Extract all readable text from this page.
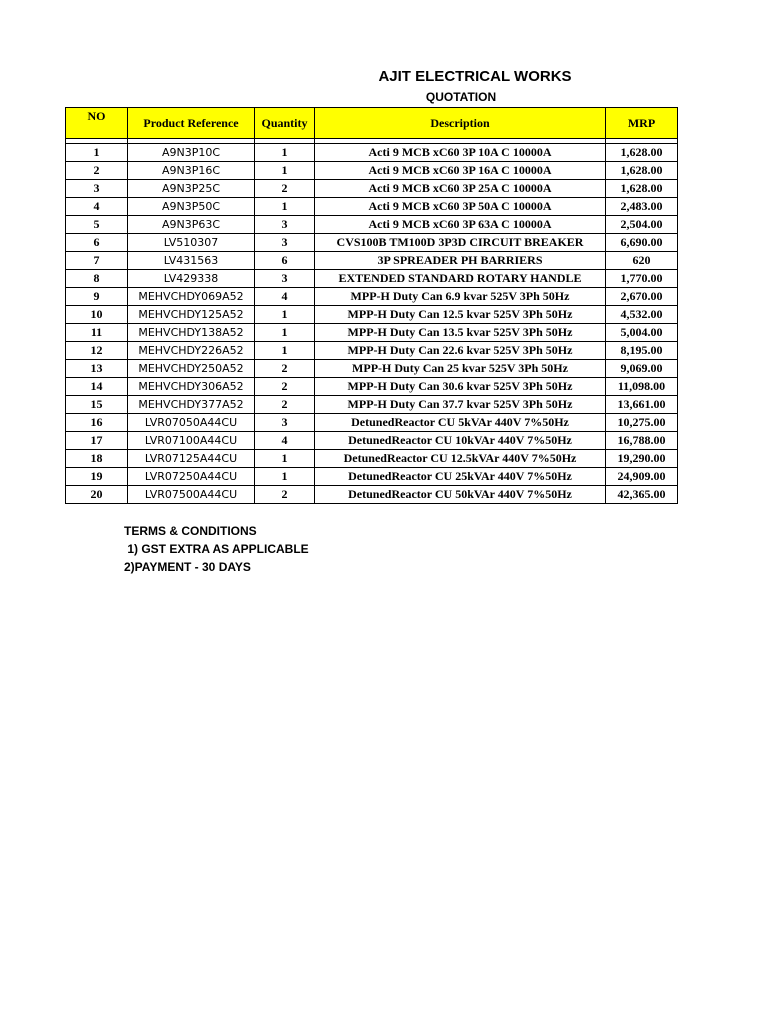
AJIT ELECTRICAL WORKS
QUOTATION
NO	Product Reference	Quantity	Description	MRP

1	A9N3P10C	1	Acti 9 MCB xC60 3P 10A C 10000A	1,628.00
2	A9N3P16C	1	Acti 9 MCB xC60 3P 16A C 10000A	1,628.00
3	A9N3P25C	2	Acti 9 MCB xC60 3P 25A C 10000A	1,628.00
4	A9N3P50C	1	Acti 9 MCB xC60 3P 50A C 10000A	2,483.00
5	A9N3P63C	3	Acti 9 MCB xC60 3P 63A C 10000A	2,504.00
6	LV510307	3	CVS100B TM100D 3P3D CIRCUIT BREAKER	6,690.00
7	LV431563	6	3P SPREADER PH BARRIERS	620
8	LV429338	3	EXTENDED STANDARD ROTARY HANDLE	1,770.00
9	MEHVCHDY069A52	4	MPP-H Duty Can 6.9 kvar 525V 3Ph 50Hz	2,670.00
10	MEHVCHDY125A52	1	MPP-H Duty Can 12.5 kvar 525V 3Ph 50Hz	4,532.00
11	MEHVCHDY138A52	1	MPP-H Duty Can 13.5 kvar 525V 3Ph 50Hz	5,004.00
12	MEHVCHDY226A52	1	MPP-H Duty Can 22.6 kvar 525V 3Ph 50Hz	8,195.00
13	MEHVCHDY250A52	2	MPP-H Duty Can 25 kvar 525V 3Ph 50Hz	9,069.00
14	MEHVCHDY306A52	2	MPP-H Duty Can 30.6 kvar 525V 3Ph 50Hz	11,098.00
15	MEHVCHDY377A52	2	MPP-H Duty Can 37.7 kvar 525V 3Ph 50Hz	13,661.00
16	LVR07050A44CU	3	DetunedReactor CU 5kVAr 440V 7%50Hz	10,275.00
17	LVR07100A44CU	4	DetunedReactor CU 10kVAr 440V 7%50Hz	16,788.00
18	LVR07125A44CU	1	DetunedReactor CU 12.5kVAr 440V 7%50Hz	19,290.00
19	LVR07250A44CU	1	DetunedReactor CU 25kVAr 440V 7%50Hz	24,909.00
20	LVR07500A44CU	2	DetunedReactor CU 50kVAr 440V 7%50Hz	42,365.00
TERMS & CONDITIONS
1) GST EXTRA AS APPLICABLE
2)PAYMENT - 30 DAYS
